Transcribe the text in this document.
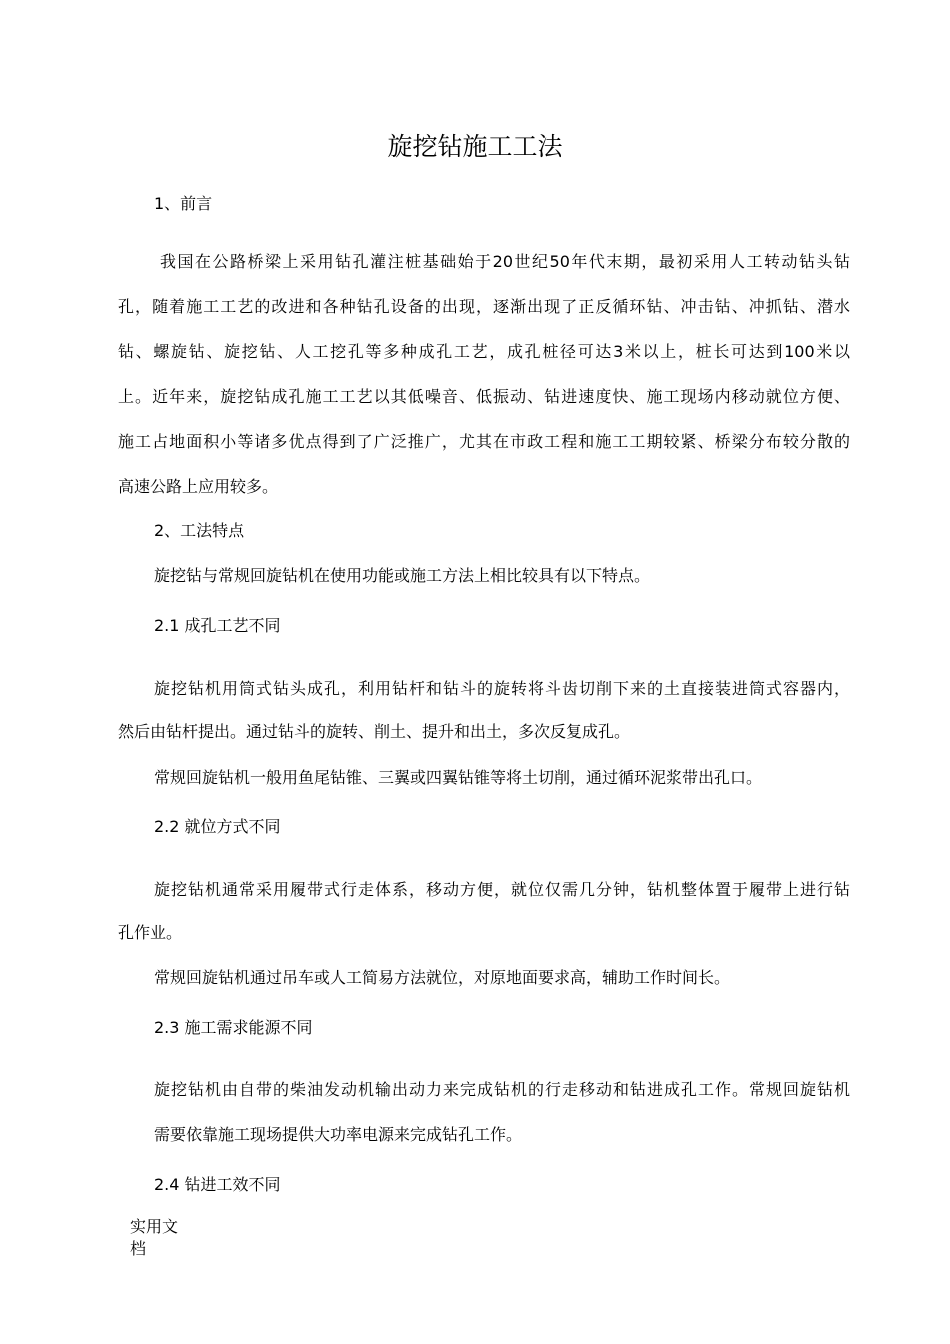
旋挖钻施工工法

1、前言

我国在公路桥梁上采用钻孔灌注桩基础始于20世纪50年代末期，最初采用人工转动钻头钻

孔，随着施工工艺的改进和各种钻孔设备的出现，逐渐出现了正反循环钻、冲击钻、冲抓钻、潜水

钻、螺旋钻、旋挖钻、人工挖孔等多种成孔工艺，成孔桩径可达3米以上，桩长可达到100米以

上。近年来，旋挖钻成孔施工工艺以其低噪音、低振动、钻进速度快、施工现场内移动就位方便、

施工占地面积小等诸多优点得到了广泛推广，尤其在市政工程和施工工期较紧、桥梁分布较分散的

高速公路上应用较多。

2、工法特点

旋挖钻与常规回旋钻机在使用功能或施工方法上相比较具有以下特点。

2.1 成孔工艺不同

旋挖钻机用筒式钻头成孔，利用钻杆和钻斗的旋转将斗齿切削下来的土直接装进筒式容器内，

然后由钻杆提出。通过钻斗的旋转、削土、提升和出土，多次反复成孔。

常规回旋钻机一般用鱼尾钻锥、三翼或四翼钻锥等将土切削，通过循环泥浆带出孔口。

2.2 就位方式不同

旋挖钻机通常采用履带式行走体系，移动方便，就位仅需几分钟，钻机整体置于履带上进行钻

孔作业。

常规回旋钻机通过吊车或人工简易方法就位，对原地面要求高，辅助工作时间长。

2.3 施工需求能源不同

旋挖钻机由自带的柴油发动机输出动力来完成钻机的行走移动和钻进成孔工作。常规回旋钻机

需要依靠施工现场提供大功率电源来完成钻孔工作。

2.4 钻进工效不同

实用文档
